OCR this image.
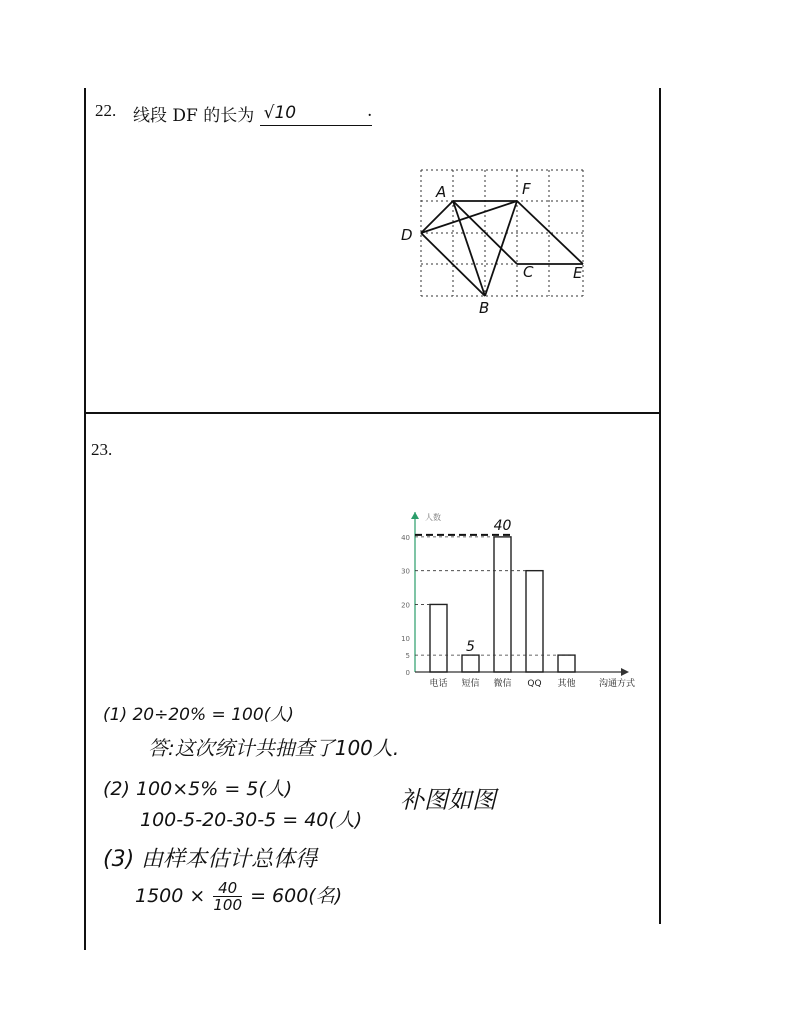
22. 线段 DF 的长为 √10	.
A	F
D
C	E
B
23.
人数
0
5
10
20
30
40
电话 短信 微信 QQ 其他
5
40
沟通方式
(1) 20÷20% = 100(人)
答:这次统计共抽查了100人.
(2) 100×5% = 5(人)
100-5-20-30-5 = 40(人)
补图如图
(3) 由样本估计总体得
$1500 \times \frac{40}{100} = 600$(名)
